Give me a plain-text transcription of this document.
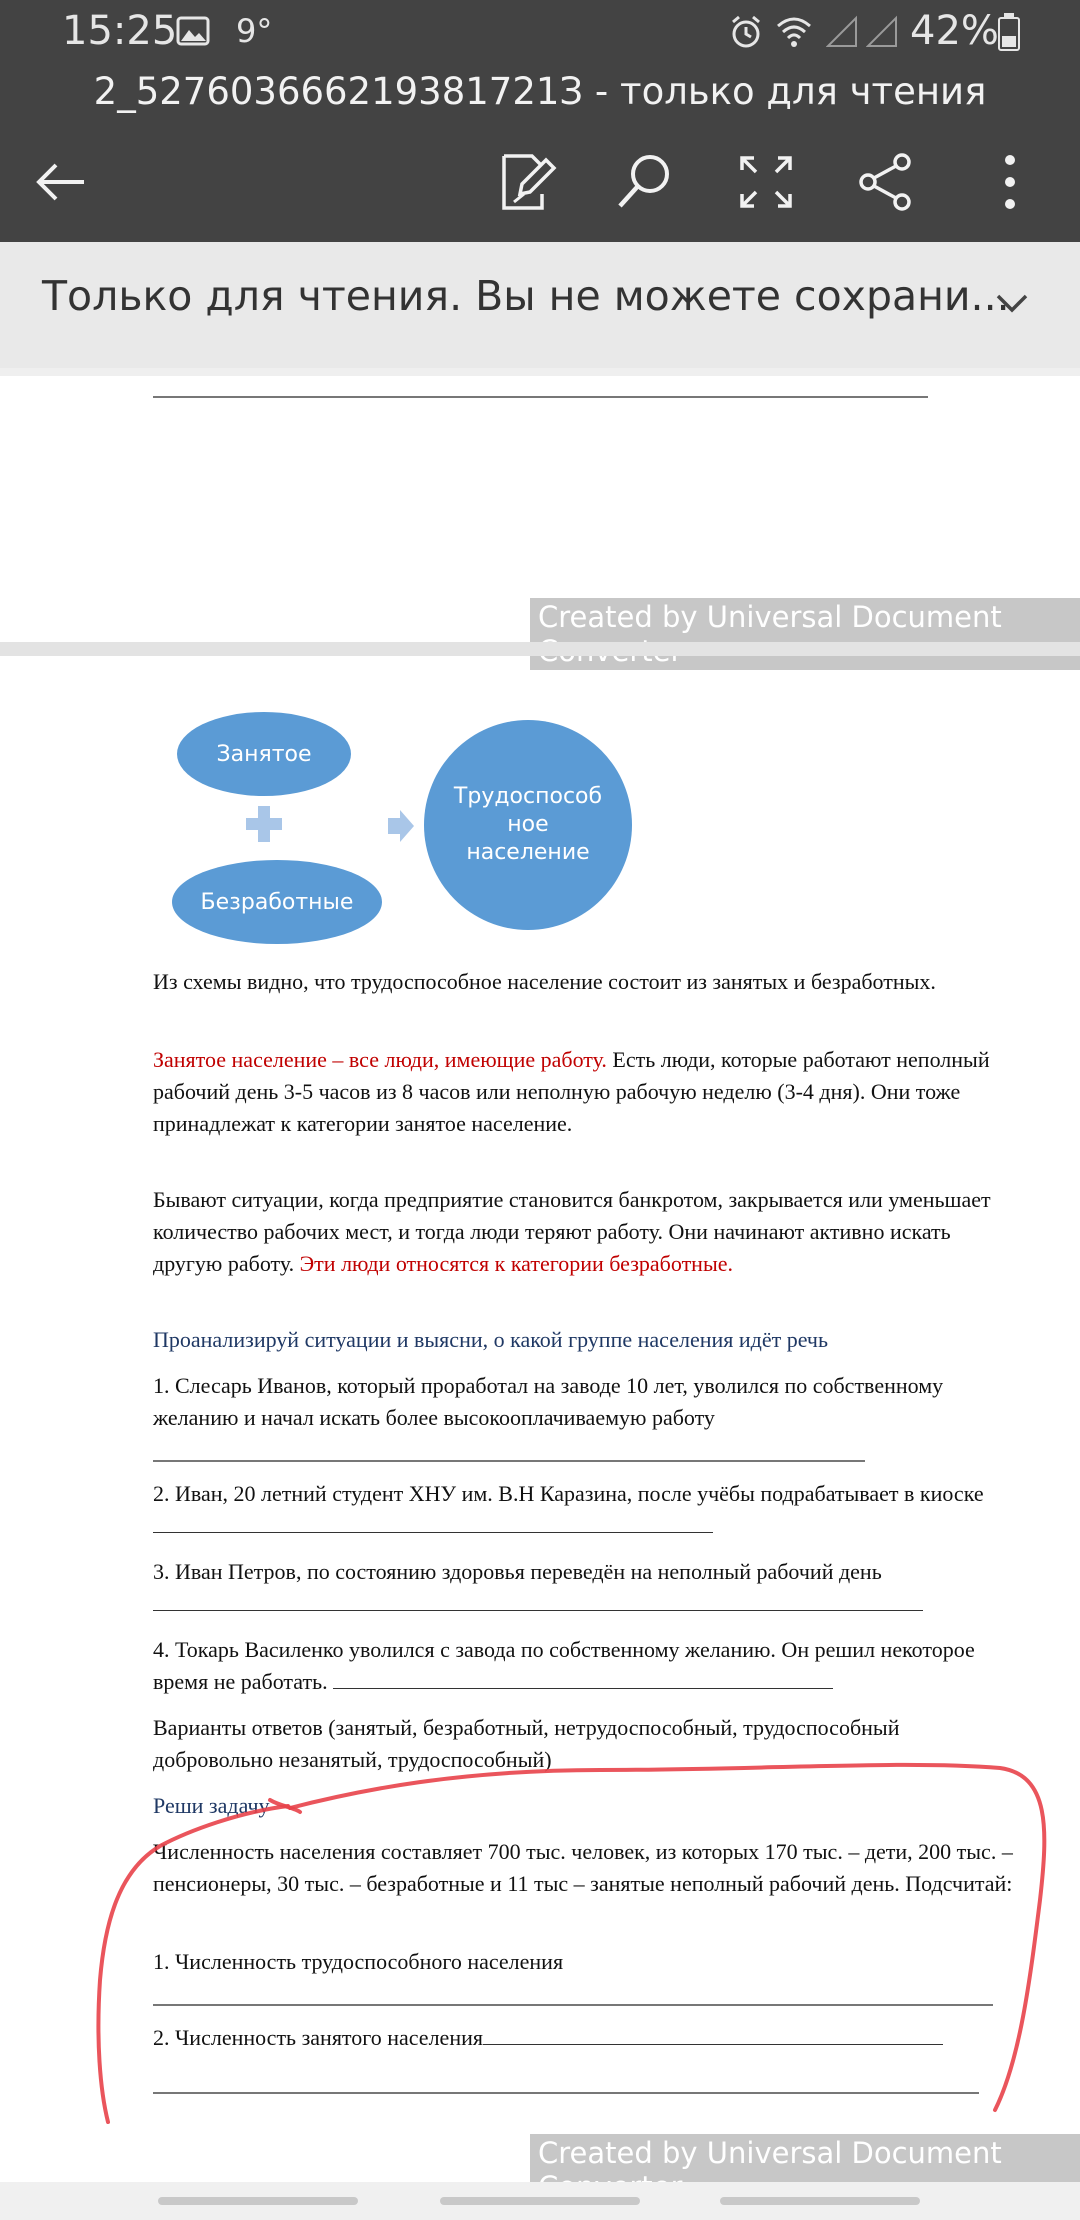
15:25 9°	42%
2_527603666219381721З - только для чтения
Только для чтения. Вы не можете сохрани...
Created by Universal Document
Занятое
Безработные
Трудоспособ ное население
Из схемы видно, что трудоспособное население состоит из занятых и безработных.
Занятое население – все люди, имеющие работу. Есть люди, которые работают неполный рабочий день 3-5 часов из 8 часов или неполную рабочую неделю (3-4 дня). Они тоже принадлежат к категории занятое население.
Бывают ситуации, когда предприятие становится банкротом, закрывается или уменьшает количество рабочих мест, и тогда люди теряют работу. Они начинают активно искать другую работу. Эти люди относятся к категории безработные.
Проанализируй ситуации и выясни, о какой группе населения идёт речь
1. Слесарь Иванов, который проработал на заводе 10 лет, уволился по собственному желанию и начал искать более высокооплачиваемую работу
2. Иван, 20 летний студент ХНУ им. В.Н Каразина, после учёбы подрабатывает в киоске
3. Иван Петров, по состоянию здоровья переведён на неполный рабочий день
4. Токарь Василенко уволился с завода по собственному желанию. Он решил некоторое время не работать.
Варианты ответов (занятый, безработный, нетрудоспособный, трудоспособный добровольно незанятый, трудоспособный)
Реши задачу
Численность населения составляет 700 тыс. человек, из которых 170 тыс. – дети, 200 тыс. – пенсионеры, 30 тыс. – безработные и 11 тыс – занятые неполный рабочий день. Подсчитай:
1. Численность трудоспособного населения
2. Численность занятого населения
Created by Universal Document
